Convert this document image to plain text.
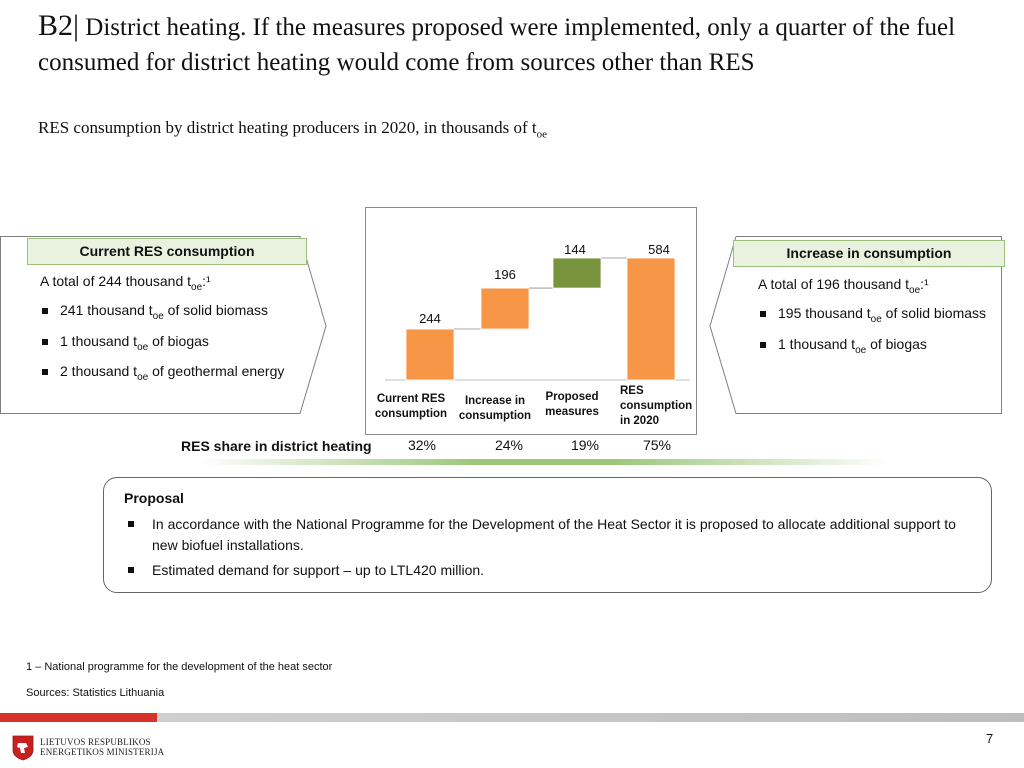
B2| District heating. If the measures proposed were implemented, only a quarter of the fuel consumed for district heating would come from sources other than RES
RES consumption by district heating producers in 2020, in thousands of $t_{oe}$
Current RES consumption
A total of 244 thousand $t_{oe}:^1$
241 thousand $t_{oe}$ of solid biomass
1 thousand $t_{oe}$ of biogas
2 thousand $t_{oe}$ of geothermal energy
Increase in consumption
A total of 196 thousand $t_{oe}:^1$
195 thousand $t_{oe}$ of solid biomass
1 thousand $t_{oe}$ of biogas
244
196
144	584
Current RES
consumption
Increase in
consumption
Proposed
measures
RES
consumption
in 2020
RES share in district heating	32%	24%	19%	75%
Proposal
In accordance with the National Programme for the Development of the Heat Sector it is proposed to allocate additional support to new biofuel installations.
Estimated demand for support – up to LTL420 million.
1 – National programme for the development of the heat sector
Sources: Statistics Lithuania
LIETUVOS RESPUBLIKOS
ENERGETIKOS MINISTERIJA
7
